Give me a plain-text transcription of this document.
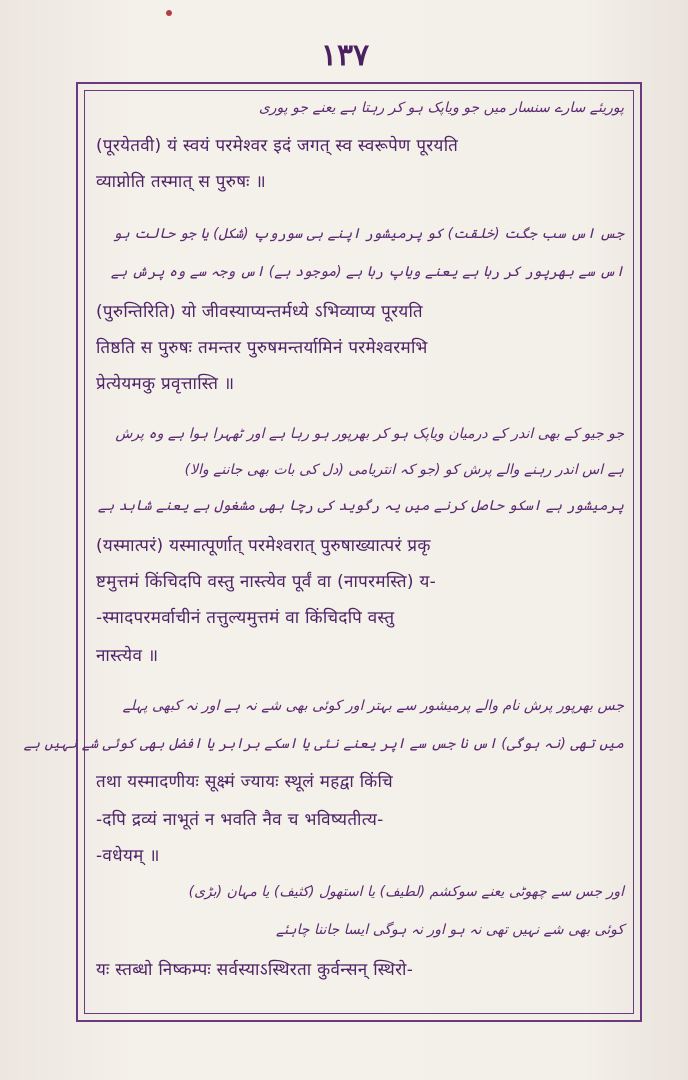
۱۳۷
پوریئے سارے سنسار میں جو ویاپک ہو کر رہتا ہے یعنے جو پوری
(पूरयेतवी) यं स्वयं परमेश्वर इदं जगत् स्व स्वरूपेण पूरयति
व्याप्नोति तस्मात् स पुरुषः ॥
جس اس سب جگت (خلقت) کو پرمیشور اپنے ہی سوروپ (شکل) یا جو حالت ہو
اس سے بھرپور کر رہا ہے یعنے ویاپ رہا ہے (موجود ہے) اس وجہ سے وہ پرش ہے
(पुरुन्तिरिति) यो जीवस्याप्यन्तर्मध्ये ऽभिव्याप्य पूरयति
तिष्ठति स पुरुषः तमन्तर पुरुषमन्तर्यामिनं परमेश्वरमभि
प्रेत्येयमकु प्रवृत्तास्ति ॥
جو جیو کے بھی اندر کے درمیان ویاپک ہو کر بھرپور ہو رہا ہے اور ٹھہرا ہوا ہے وہ پرش
ہے اس اندر رہنے والے پرش کو (جو کہ انتریامی (دل کی بات بھی جاننے والا)
پرمیشور ہے اسکو حاصل کرنے میں یہ رگوید کی رچا بھی مشغول ہے یعنے شاہد ہے
(यस्मात्परं) यस्मात्पूर्णात् परमेश्वरात् पुरुषाख्यात्परं प्रकृ
ष्टमुत्तमं किंचिदपि वस्तु नास्त्येव पूर्वं वा (नापरमस्ति) य-
-स्मादपरमर्वाचीनं तत्तुल्यमुत्तमं वा किंचिदपि वस्तु
नास्त्येव ॥
جس بھرپور پرش نام والے پرمیشور سے بہتر اور کوئی بھی شے نہ ہے اور نہ کبھی پہلے
میں تھی (نہ ہوگی) اس نا جس سے اپر یعنے نئی یا اسکے برابر یا افضل بھی کوئی شے نہیں ہے
तथा यस्मादणीयः सूक्ष्मं ज्यायः स्थूलं महद्वा किंचि
-दपि द्रव्यं नाभूतं न भवति नैव च भविष्यतीत्य-
-वधेयम् ॥
اور جس سے چھوٹی یعنے سوکشم (لطیف) یا استھول (کثیف) یا مہان (بڑی)
کوئی بھی شے نہیں تھی نہ ہو اور نہ ہوگی ایسا جاننا چاہئے
यः स्तब्धो निष्कम्पः सर्वस्याऽस्थिरता कुर्वन्सन् स्थिरो-
